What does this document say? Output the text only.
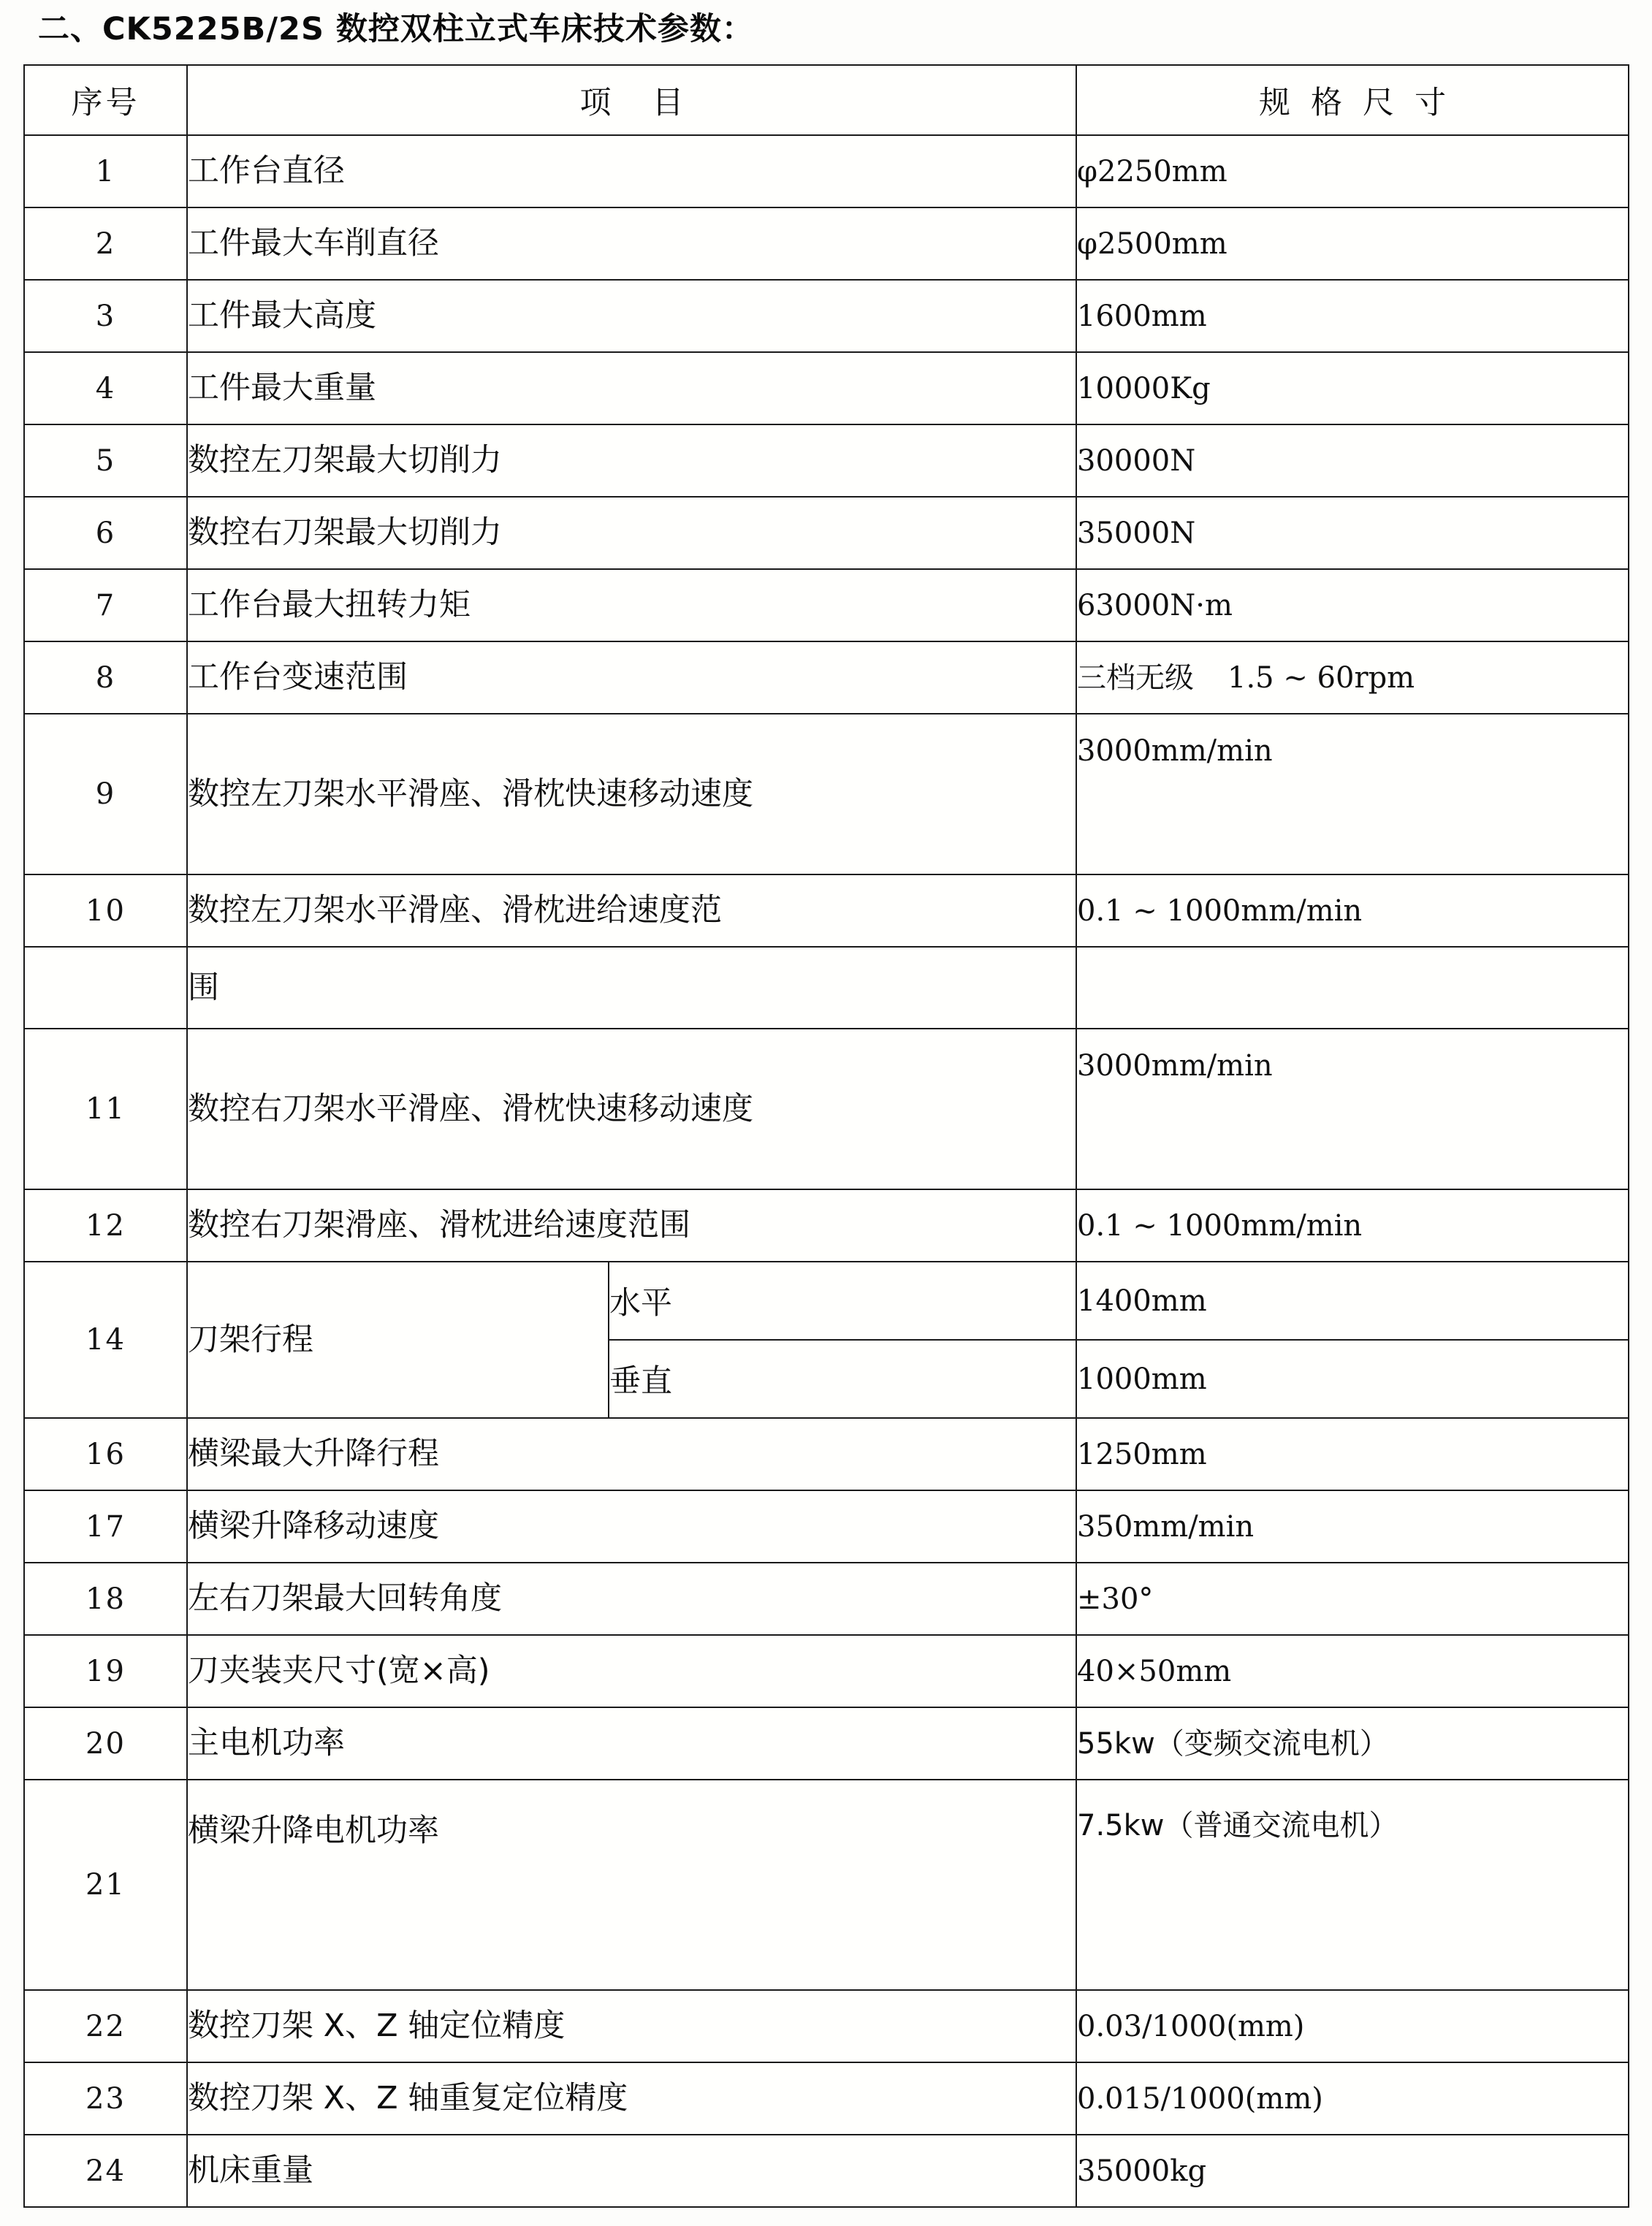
二、CK5225B/2S 数控双柱立式车床技术参数：
序号	项目		规格尺寸
1	工作台直径		φ2250mm
2	工件最大车削直径		φ2500mm
3	工件最大高度		1600mm
4	工件最大重量		10000Kg
5	数控左刀架最大切削力		30000N
6	数控右刀架最大切削力		35000N
7	工作台最大扭转力矩		63000N·m
8	工作台变速范围		三档无级 1.5 ~ 60rpm
9	数控左刀架水平滑座、滑枕快速移动速度		3000mm/min
10	数控左刀架水平滑座、滑枕进给速度范		0.1 ~ 1000mm/min
	围		
11	数控右刀架水平滑座、滑枕快速移动速度		3000mm/min
12	数控右刀架滑座、滑枕进给速度范围		0.1 ~ 1000mm/min
14	刀架行程	水平	1400mm
		垂直	1000mm
16	横梁最大升降行程		1250mm
17	横梁升降移动速度		350mm/min
18	左右刀架最大回转角度		±30°
19	刀夹装夹尺寸(宽×高)		40×50mm
20	主电机功率		55kw（变频交流电机）
21	横梁升降电机功率		7.5kw（普通交流电机）
22	数控刀架 X、Z 轴定位精度		0.03/1000(mm)
23	数控刀架 X、Z 轴重复定位精度		0.015/1000(mm)
24	机床重量		35000kg
